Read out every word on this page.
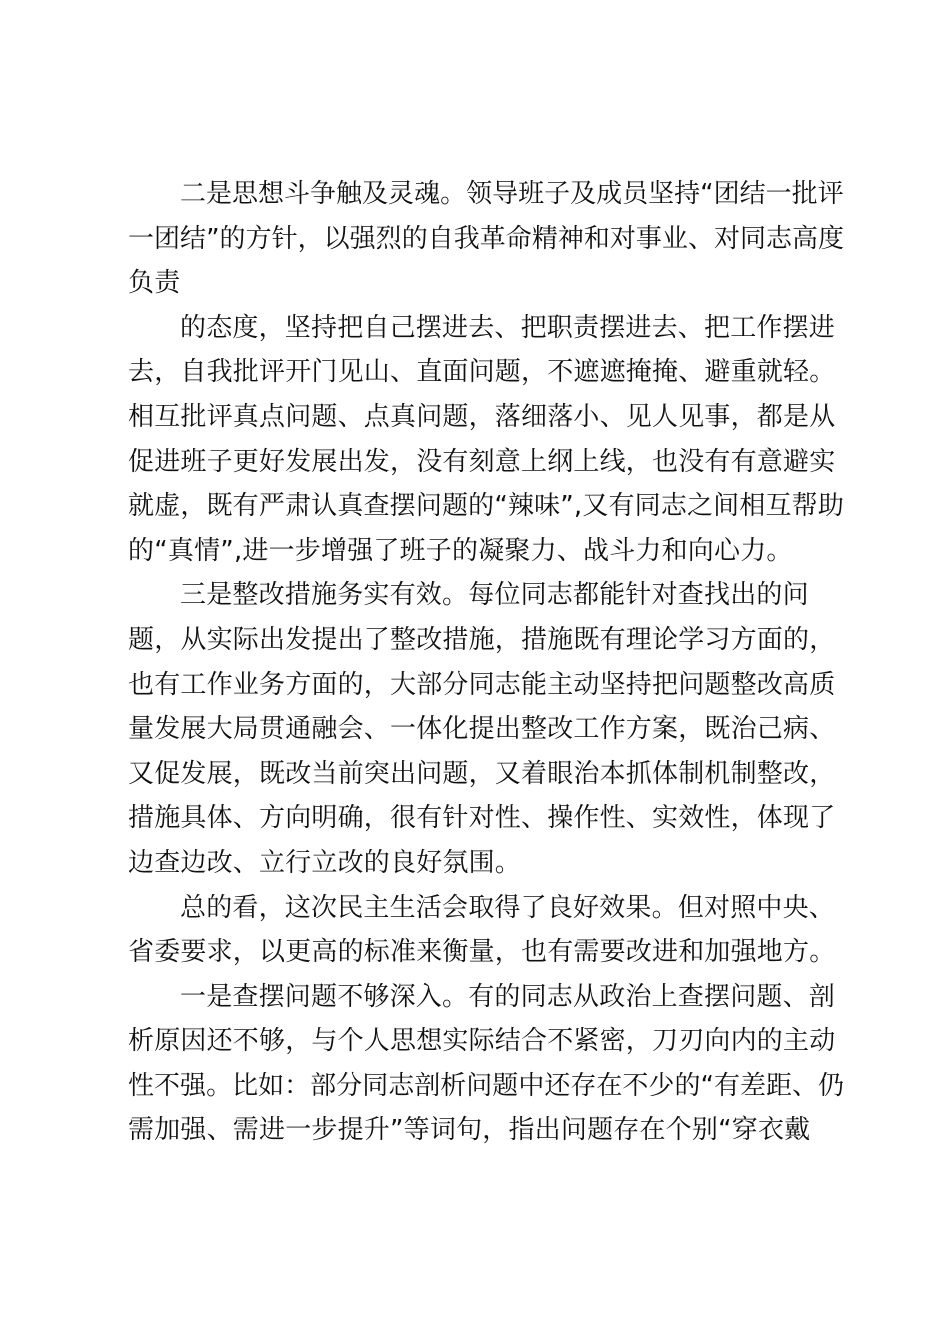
二是思想斗争触及灵魂。领导班子及成员坚持“团结一批评
一团结”的方针，以强烈的自我革命精神和对事业、对同志高度
负责
的态度，坚持把自己摆进去、把职责摆进去、把工作摆进
去，自我批评开门见山、直面问题，不遮遮掩掩、避重就轻。
相互批评真点问题、点真问题，落细落小、见人见事，都是从
促进班子更好发展出发，没有刻意上纲上线，也没有有意避实
就虚，既有严肃认真查摆问题的“辣味”,又有同志之间相互帮助
的“真情”,进一步增强了班子的凝聚力、战斗力和向心力。
三是整改措施务实有效。每位同志都能针对查找出的问
题，从实际出发提出了整改措施，措施既有理论学习方面的，
也有工作业务方面的，大部分同志能主动坚持把问题整改高质
量发展大局贯通融会、一体化提出整改工作方案，既治己病、
又促发展，既改当前突出问题，又着眼治本抓体制机制整改，
措施具体、方向明确，很有针对性、操作性、实效性，体现了
边查边改、立行立改的良好氛围。
总的看，这次民主生活会取得了良好效果。但对照中央、
省委要求，以更高的标准来衡量，也有需要改进和加强地方。
一是查摆问题不够深入。有的同志从政治上查摆问题、剖
析原因还不够，与个人思想实际结合不紧密，刀刃向内的主动
性不强。比如：部分同志剖析问题中还存在不少的“有差距、仍
需加强、需进一步提升”等词句，指出问题存在个别“穿衣戴
